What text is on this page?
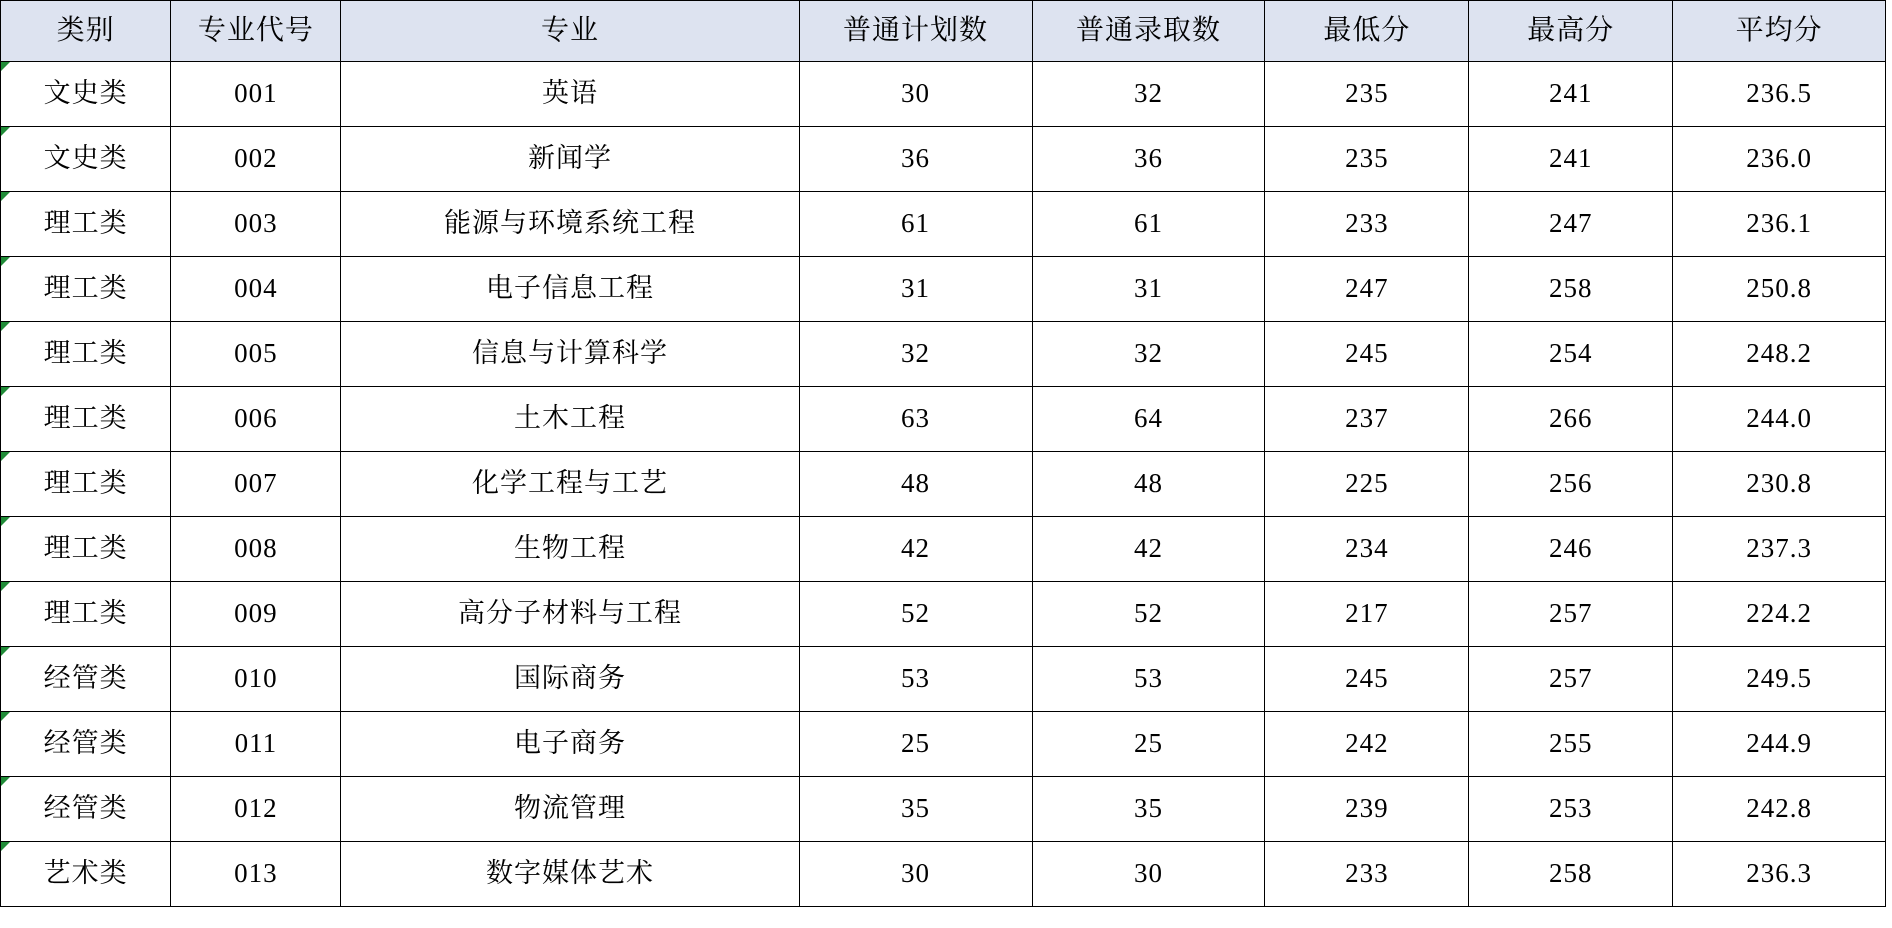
类别	专业代号	专业	普通计划数	普通录取数	最低分	最高分	平均分

文史类	001	英语	30	32	235	241	236.5

文史类	002	新闻学	36	36	235	241	236.0

理工类	003	能源与环境系统工程	61	61	233	247	236.1

理工类	004	电子信息工程	31	31	247	258	250.8

理工类	005	信息与计算科学	32	32	245	254	248.2

理工类	006	土木工程	63	64	237	266	244.0

理工类	007	化学工程与工艺	48	48	225	256	230.8

理工类	008	生物工程	42	42	234	246	237.3

理工类	009	高分子材料与工程	52	52	217	257	224.2

经管类	010	国际商务	53	53	245	257	249.5

经管类	011	电子商务	25	25	242	255	244.9

经管类	012	物流管理	35	35	239	253	242.8

艺术类	013	数字媒体艺术	30	30	233	258	236.3
